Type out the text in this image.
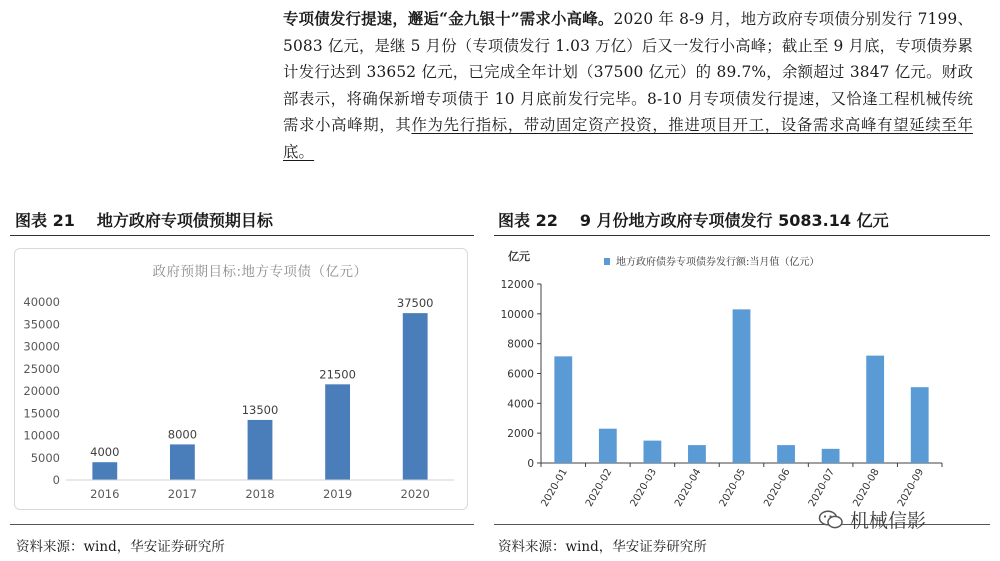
专项债发行提速，邂逅“金九银十”需求小高峰。2020 年 8-9 月，地方政府专项债分别发行 7199、5083 亿元，是继 5 月份（专项债发行 1.03 万亿）后又一发行小高峰；截止至 9 月底，专项债券累计发行达到 33652 亿元，已完成全年计划（37500 亿元）的 89.7%，余额超过 3847 亿元。财政部表示，将确保新增专项债于 10 月底前发行完毕。8-10 月专项债发行提速，又恰逢工程机械传统需求小高峰期，其作为先行指标，带动固定资产投资，推进项目开工，设备需求高峰有望延续至年底。
图表 21 地方政府专项债预期目标	图表 22 9 月份地方政府专项债发行 5083.14 亿元
政府预期目标:地方专项债（亿元）
0
5000
10000
15000
20000
25000
30000
35000
40000
4000
2016
8000
2017
13500
2018
21500
2019
37500
2020
亿元	地方政府债券专项债券发行额:当月值（亿元）
0
2000
4000
6000
8000
10000
12000
2020-01 2020-02 2020-03 2020-04 2020-05 2020-06 2020-07 2020-08 2020-09
资料来源：wind，华安证券研究所	资料来源：wind，华安证券研究所
机械信影
